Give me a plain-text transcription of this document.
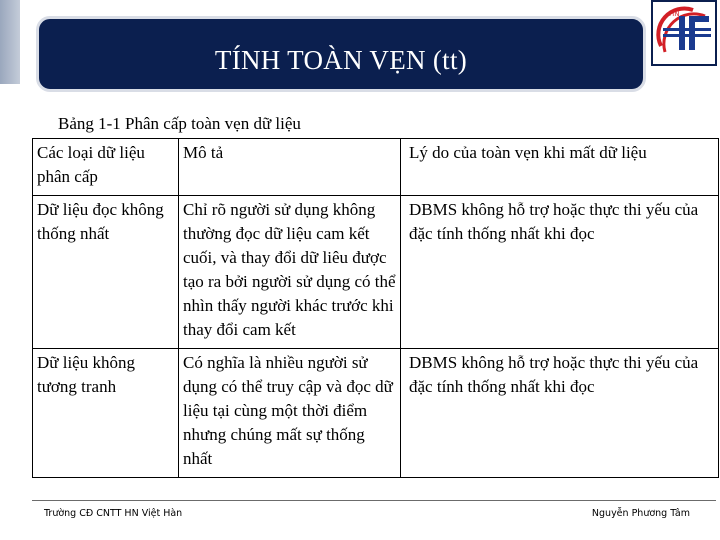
TÍNH TOÀN VẸN (tt)
HN
Bảng 1-1 Phân cấp toàn vẹn dữ liệu
Các loại dữ liệu phân cấp	Mô tả	Lý do của toàn vẹn khi mất dữ liệu
Dữ liệu đọc không thống nhất	Chỉ rõ người sử dụng không thường đọc dữ liệu cam kết cuối, và thay đổi dữ liêu được tạo ra bởi người sử dụng có thể nhìn thấy người khác trước khi thay đổi cam kết	DBMS không hỗ trợ hoặc thực thi yếu của đặc tính thống nhất khi đọc
Dữ liệu không tương tranh	Có nghĩa là nhiều người sử dụng có thể truy cập và đọc dữ liệu tại cùng một thời điểm nhưng chúng mất sự thống nhất	DBMS không hỗ trợ hoặc thực thi yếu của đặc tính thống nhất khi đọc
Trường CĐ CNTT HN Việt Hàn	Nguyễn Phương Tâm
